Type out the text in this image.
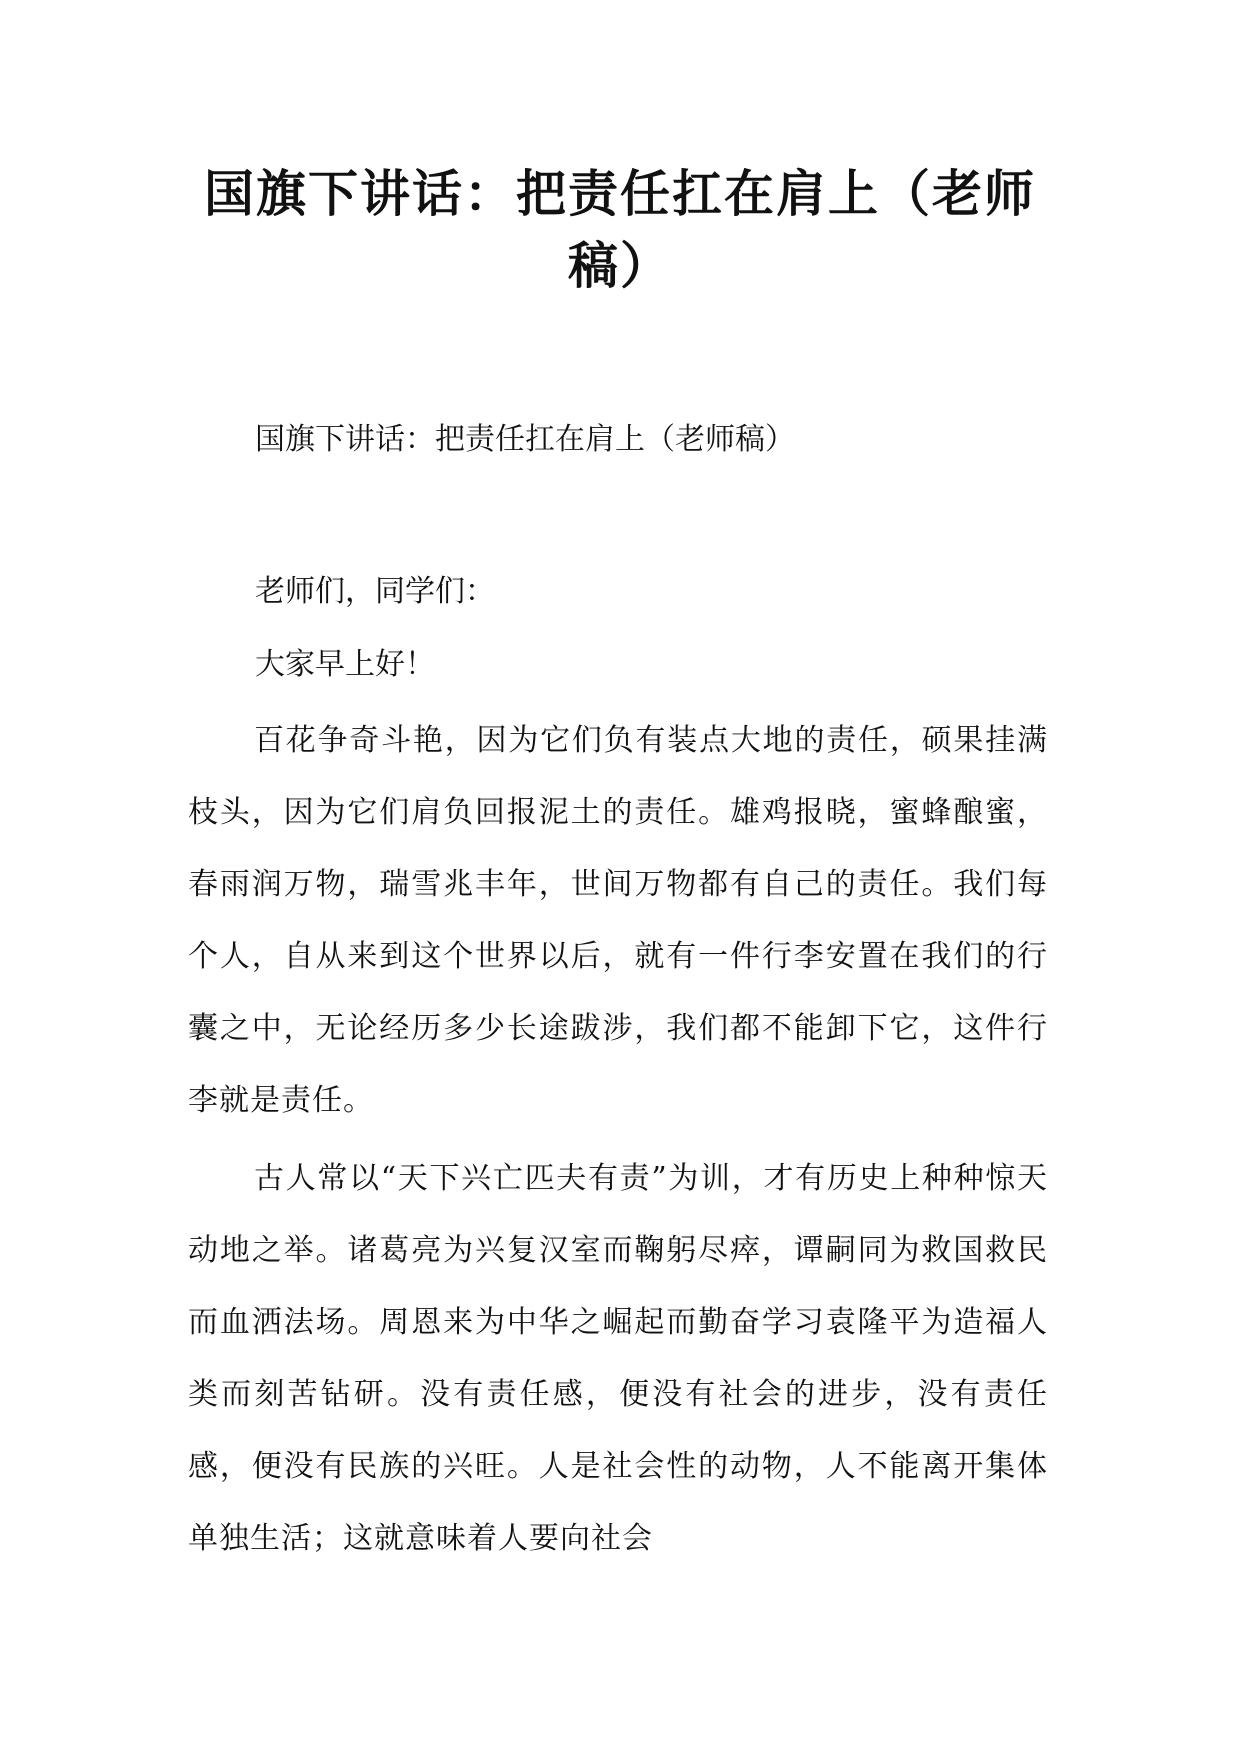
国旗下讲话：把责任扛在肩上（老师稿）

国旗下讲话：把责任扛在肩上（老师稿）

老师们，同学们：

大家早上好！

百花争奇斗艳，因为它们负有装点大地的责任，硕果挂满枝头，因为它们肩负回报泥土的责任。雄鸡报晓，蜜蜂酿蜜，春雨润万物，瑞雪兆丰年，世间万物都有自己的责任。我们每个人，自从来到这个世界以后，就有一件行李安置在我们的行囊之中，无论经历多少长途跋涉，我们都不能卸下它，这件行李就是责任。

古人常以“天下兴亡匹夫有责”为训，才有历史上种种惊天动地之举。诸葛亮为兴复汉室而鞠躬尽瘁，谭嗣同为救国救民而血洒法场。周恩来为中华之崛起而勤奋学习袁隆平为造福人类而刻苦钻研。没有责任感，便没有社会的进步，没有责任感，便没有民族的兴旺。人是社会性的动物，人不能离开集体单独生活；这就意味着人要向社会
